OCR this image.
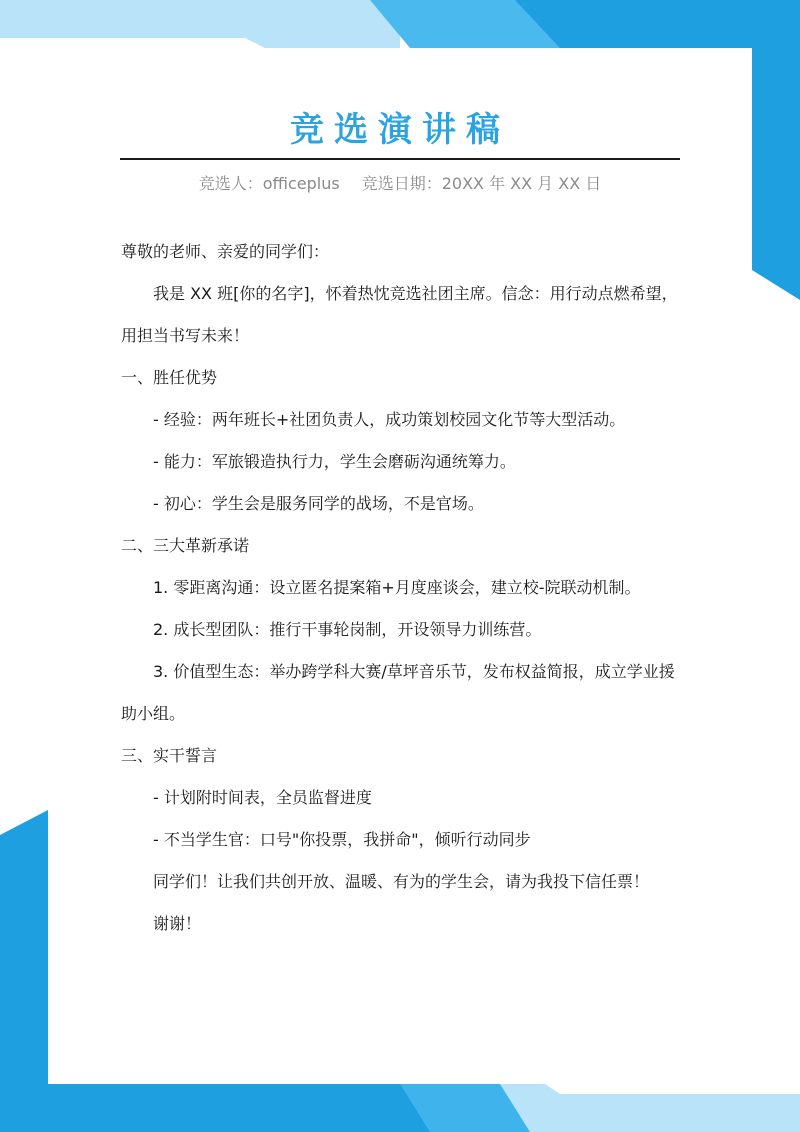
竞选演讲稿
竞选人：officeplus 竞选日期：20XX 年 XX 月 XX 日
尊敬的老师、亲爱的同学们：
我是 XX 班[你的名字]，怀着热忱竞选社团主席。信念：用行动点燃希望，
用担当书写未来！
一、胜任优势
- 经验：两年班长+社团负责人，成功策划校园文化节等大型活动。
- 能力：军旅锻造执行力，学生会磨砺沟通统筹力。
- 初心：学生会是服务同学的战场，不是官场。
二、三大革新承诺
1. 零距离沟通：设立匿名提案箱+月度座谈会，建立校-院联动机制。
2. 成长型团队：推行干事轮岗制，开设领导力训练营。
3. 价值型生态：举办跨学科大赛/草坪音乐节，发布权益简报，成立学业援
助小组。
三、实干誓言
- 计划附时间表，全员监督进度
- 不当学生官：口号"你投票，我拼命"，倾听行动同步
同学们！让我们共创开放、温暖、有为的学生会，请为我投下信任票！
谢谢！
